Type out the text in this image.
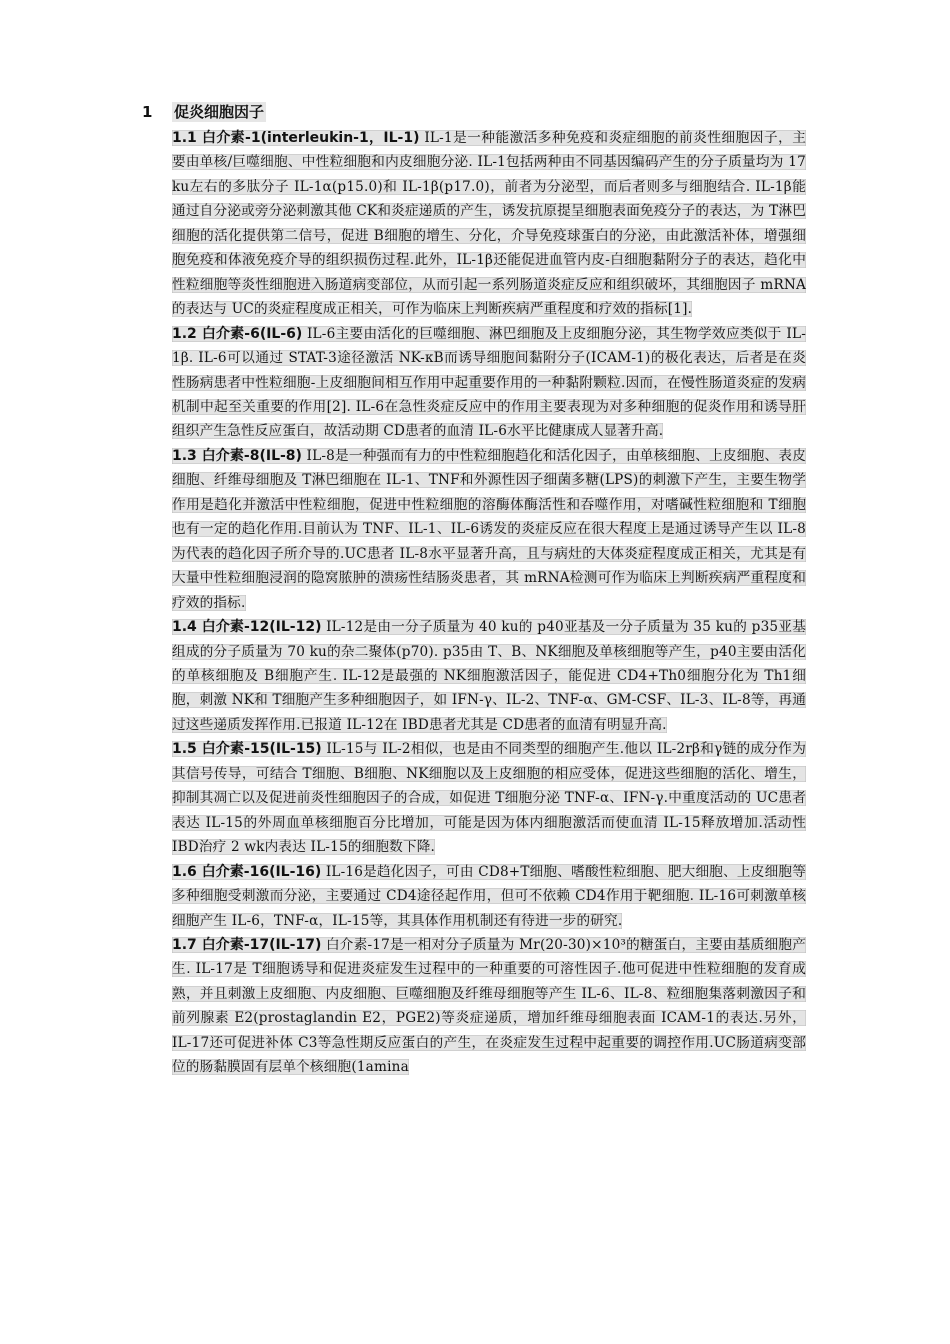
1 促炎细胞因子

1.1 白介素-1(interleukin-1，IL-1) IL-1是一种能激活多种免疫和炎症细胞的前炎性细胞因子，主要由单核/巨噬细胞、中性粒细胞和内皮细胞分泌. IL-1包括两种由不同基因编码产生的分子质量均为 17 ku左右的多肽分子 IL-1α(p15.0)和 IL-1β(p17.0)，前者为分泌型，而后者则多与细胞结合. IL-1β能通过自分泌或旁分泌刺激其他 CK和炎症递质的产生，诱发抗原提呈细胞表面免疫分子的表达，为 T淋巴细胞的活化提供第二信号，促进 B细胞的增生、分化，介导免疫球蛋白的分泌，由此激活补体，增强细胞免疫和体液免疫介导的组织损伤过程.此外，IL-1β还能促进血管内皮-白细胞黏附分子的表达，趋化中性粒细胞等炎性细胞进入肠道病变部位，从而引起一系列肠道炎症反应和组织破坏，其细胞因子 mRNA的表达与 UC的炎症程度成正相关，可作为临床上判断疾病严重程度和疗效的指标[1].

1.2 白介素-6(IL-6) IL-6主要由活化的巨噬细胞、淋巴细胞及上皮细胞分泌，其生物学效应类似于 IL-1β. IL-6可以通过 STAT-3途径激活 NK-κB而诱导细胞间黏附分子(ICAM-1)的极化表达，后者是在炎性肠病患者中性粒细胞-上皮细胞间相互作用中起重要作用的一种黏附颗粒.因而，在慢性肠道炎症的发病机制中起至关重要的作用[2]. IL-6在急性炎症反应中的作用主要表现为对多种细胞的促炎作用和诱导肝组织产生急性反应蛋白，故活动期 CD患者的血清 IL-6水平比健康成人显著升高.

1.3 白介素-8(IL-8) IL-8是一种强而有力的中性粒细胞趋化和活化因子，由单核细胞、上皮细胞、表皮细胞、纤维母细胞及 T淋巴细胞在 IL-1、TNF和外源性因子细菌多糖(LPS)的刺激下产生，主要生物学作用是趋化并激活中性粒细胞，促进中性粒细胞的溶酶体酶活性和吞噬作用，对嗜碱性粒细胞和 T细胞也有一定的趋化作用.目前认为 TNF、IL-1、IL-6诱发的炎症反应在很大程度上是通过诱导产生以 IL-8为代表的趋化因子所介导的.UC患者 IL-8水平显著升高，且与病灶的大体炎症程度成正相关，尤其是有大量中性粒细胞浸润的隐窝脓肿的溃疡性结肠炎患者，其 mRNA检测可作为临床上判断疾病严重程度和疗效的指标.

1.4 白介素-12(IL-12) IL-12是由一分子质量为 40 ku的 p40亚基及一分子质量为 35 ku的 p35亚基组成的分子质量为 70 ku的杂二聚体(p70). p35由 T、B、NK细胞及单核细胞等产生，p40主要由活化的单核细胞及 B细胞产生. IL-12是最强的 NK细胞激活因子，能促进 CD4+Th0细胞分化为 Th1细胞，刺激 NK和 T细胞产生多种细胞因子，如 IFN-γ、IL-2、TNF-α、GM-CSF、IL-3、IL-8等，再通过这些递质发挥作用.已报道 IL-12在 IBD患者尤其是 CD患者的血清有明显升高.

1.5 白介素-15(IL-15) IL-15与 IL-2相似，也是由不同类型的细胞产生.他以 IL-2rβ和γ链的成分作为其信号传导，可结合 T细胞、B细胞、NK细胞以及上皮细胞的相应受体，促进这些细胞的活化、增生，抑制其凋亡以及促进前炎性细胞因子的合成，如促进 T细胞分泌 TNF-α、IFN-γ.中重度活动的 UC患者表达 IL-15的外周血单核细胞百分比增加，可能是因为体内细胞激活而使血清 IL-15释放增加.活动性 IBD治疗 2 wk内表达 IL-15的细胞数下降.

1.6 白介素-16(IL-16) IL-16是趋化因子，可由 CD8+T细胞、嗜酸性粒细胞、肥大细胞、上皮细胞等多种细胞受刺激而分泌，主要通过 CD4途径起作用，但可不依赖 CD4作用于靶细胞. IL-16可刺激单核细胞产生 IL-6，TNF-α，IL-15等，其具体作用机制还有待进一步的研究.

1.7 白介素-17(IL-17) 白介素-17是一相对分子质量为 Mr(20-30)×10³的糖蛋白，主要由基质细胞产生. IL-17是 T细胞诱导和促进炎症发生过程中的一种重要的可溶性因子.他可促进中性粒细胞的发育成熟，并且刺激上皮细胞、内皮细胞、巨噬细胞及纤维母细胞等产生 IL-6、IL-8、粒细胞集落刺激因子和前列腺素 E2(prostaglandin E2，PGE2)等炎症递质，增加纤维母细胞表面 ICAM-1的表达.另外，IL-17还可促进补体 C3等急性期反应蛋白的产生，在炎症发生过程中起重要的调控作用.UC肠道病变部位的肠黏膜固有层单个核细胞(1amina
